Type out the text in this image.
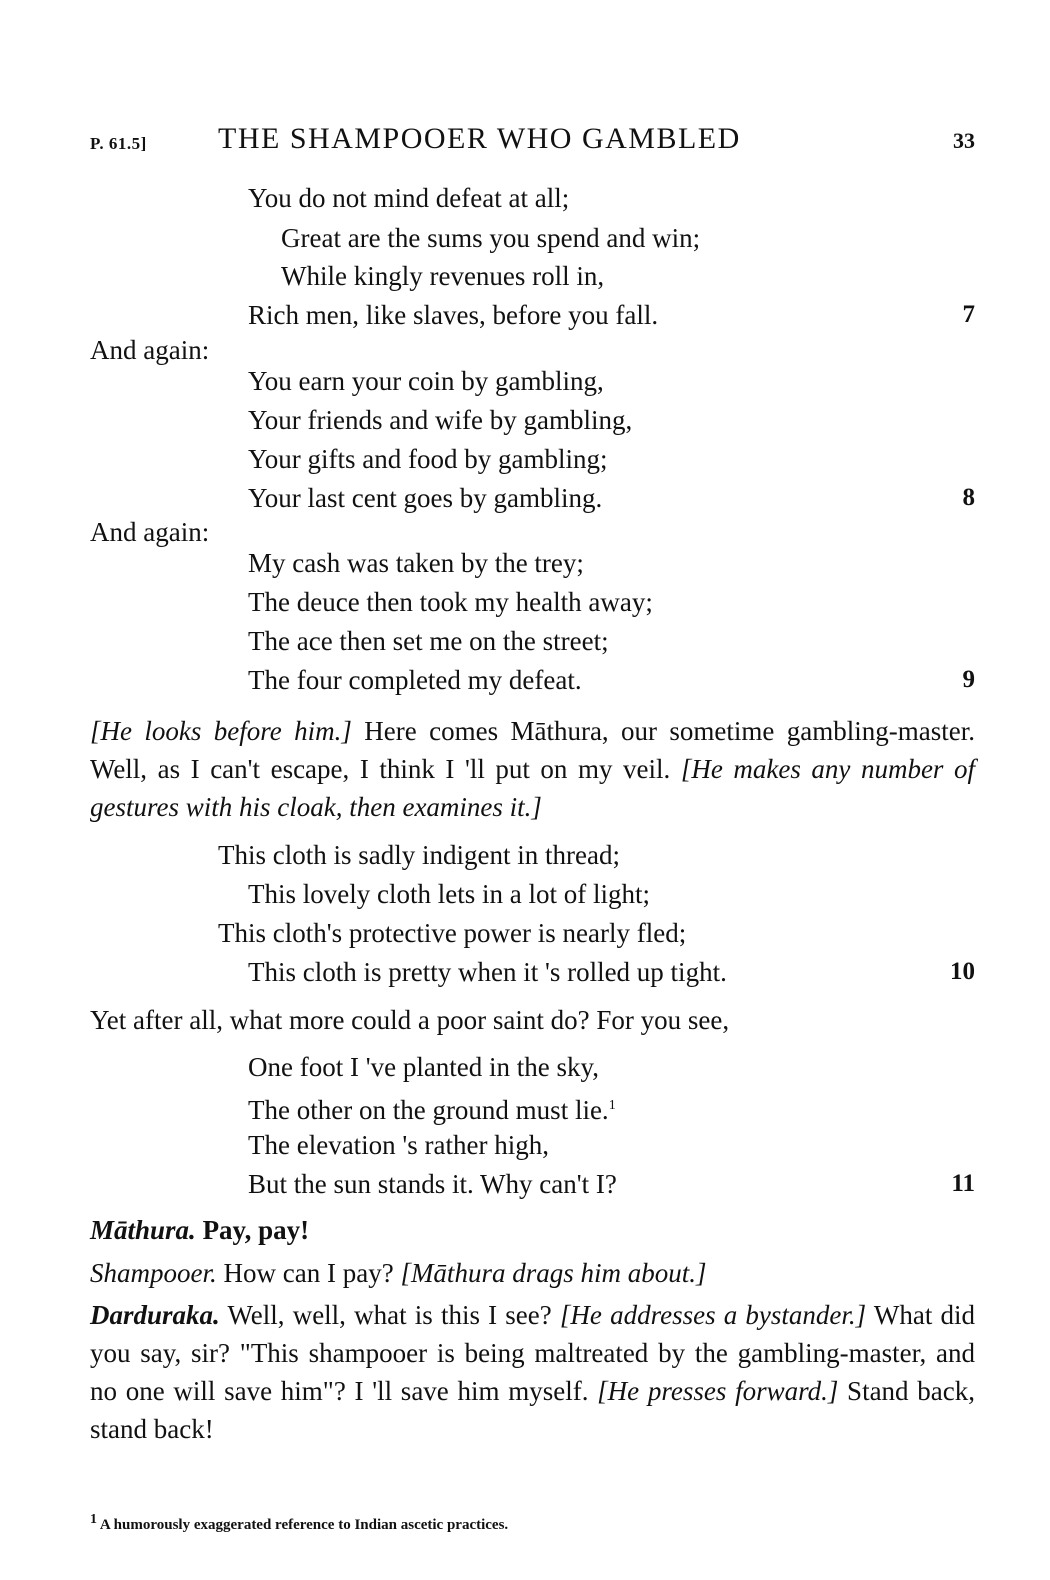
P. 61.5] THE SHAMPOOER WHO GAMBLED	33
You do not mind defeat at all;
Great are the sums you spend and win;
While kingly revenues roll in,
Rich men, like slaves, before you fall.	7
And again:
You earn your coin by gambling,
Your friends and wife by gambling,
Your gifts and food by gambling;
Your last cent goes by gambling.	8
And again:
My cash was taken by the trey;
The deuce then took my health away;
The ace then set me on the street;
The four completed my defeat.	9
[He looks before him.] Here comes Māthura, our sometime gambling-master. Well, as I can't escape, I think I 'll put on my veil. [He makes any number of gestures with his cloak, then examines it.]
This cloth is sadly indigent in thread;
This lovely cloth lets in a lot of light;
This cloth's protective power is nearly fled;
This cloth is pretty when it 's rolled up tight.	10
Yet after all, what more could a poor saint do? For you see,
One foot I 've planted in the sky,
The other on the ground must lie.$^1$
The elevation 's rather high,
But the sun stands it. Why can't I?	11
Māthura. Pay, pay!
Shampooer. How can I pay? [Māthura drags him about.]
Darduraka. Well, well, what is this I see? [He addresses a bystander.] What did you say, sir? "This shampooer is being maltreated by the gambling-master, and no one will save him"? I 'll save him myself. [He presses forward.] Stand back, stand back!
$^1$ A humorously exaggerated reference to Indian ascetic practices.
